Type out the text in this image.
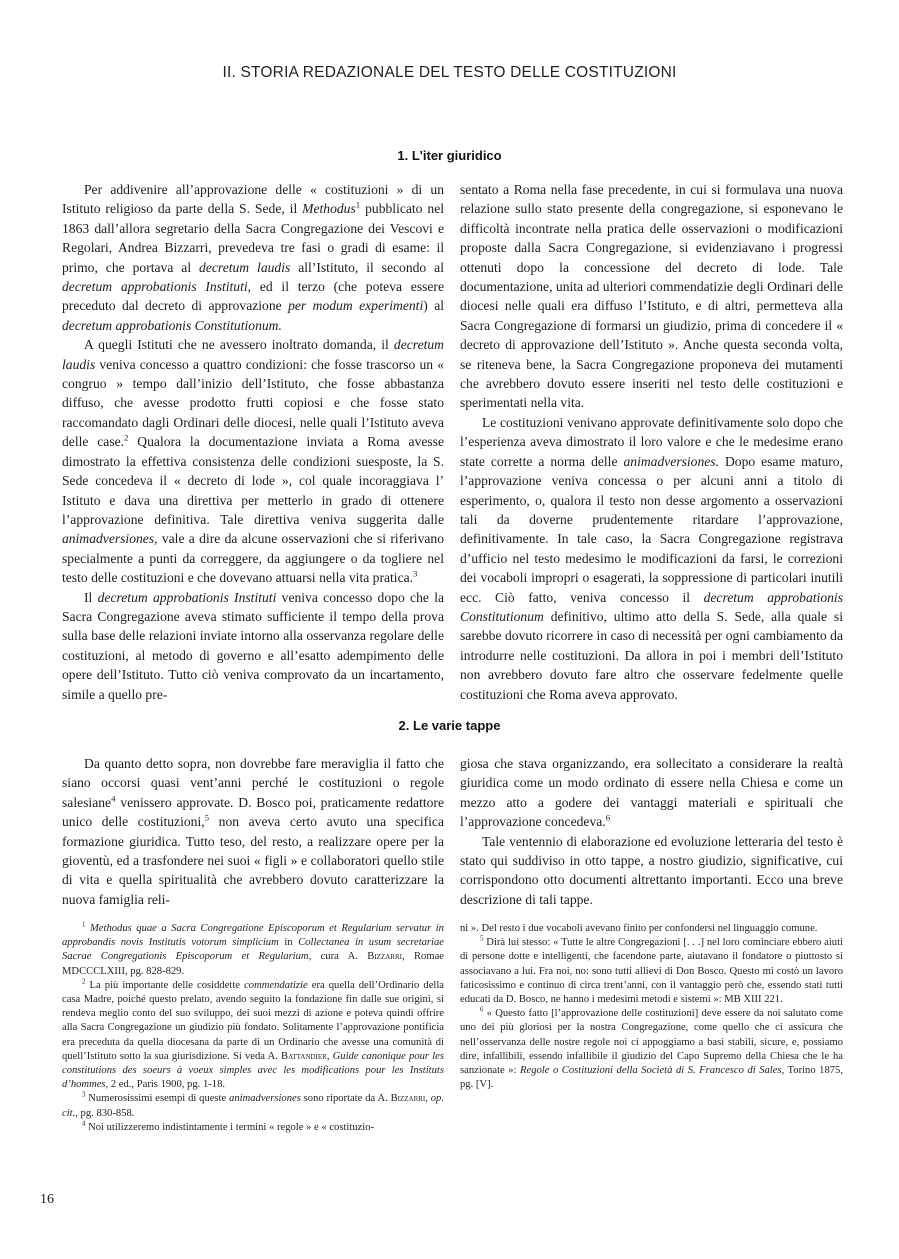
II. STORIA REDAZIONALE DEL TESTO DELLE COSTITUZIONI
1. L'iter giuridico

Per addivenire all’approvazione delle « costituzioni » di un Istituto religioso da parte della S. Sede, il Methodus$^1$ pubblicato nel 1863 dall’allora segretario della Sacra Congregazione dei Vescovi e Regolari, Andrea Bizzarri, prevedeva tre fasi o gradi di esame: il primo, che portava al decretum laudis all’Istituto, il secondo al decretum approbationis Instituti, ed il terzo (che poteva essere preceduto dal decreto di approvazione per modum experimenti) al decretum approbationis Constitutionum.

A quegli Istituti che ne avessero inoltrato domanda, il decretum laudis veniva concesso a quattro condizioni: che fosse trascorso un « congruo » tempo dall’inizio dell’Istituto, che fosse abbastanza diffuso, che avesse prodotto frutti copiosi e che fosse stato raccomandato dagli Ordinari delle diocesi, nelle quali l’Istituto aveva delle case.$^2$ Qualora la documentazione inviata a Roma avesse dimostrato la effettiva consistenza delle condizioni suesposte, la S. Sede concedeva il « decreto di lode », col quale incoraggiava l’ Istituto e dava una direttiva per metterlo in grado di ottenere l’approvazione definitiva. Tale direttiva veniva suggerita dalle animadversiones, vale a dire da alcune osservazioni che si riferivano specialmente a punti da correggere, da aggiungere o da togliere nel testo delle costituzioni e che dovevano attuarsi nella vita pratica.$^3$

Il decretum approbationis Instituti veniva concesso dopo che la Sacra Congregazione aveva stimato sufficiente il tempo della prova sulla base delle relazioni inviate intorno alla osservanza regolare delle costituzioni, al metodo di governo e all’esatto adempimento delle opere dell’Istituto. Tutto ciò veniva comprovato da un incartamento, simile a quello pre-

sentato a Roma nella fase precedente, in cui si formulava una nuova relazione sullo stato presente della congregazione, si esponevano le difficoltà incontrate nella pratica delle osservazioni o modificazioni proposte dalla Sacra Congregazione, si evidenziavano i progressi ottenuti dopo la concessione del decreto di lode. Tale documentazione, unita ad ulteriori commendatizie degli Ordinari delle diocesi nelle quali era diffuso l’Istituto, e di altri, permetteva alla Sacra Congregazione di formarsi un giudizio, prima di concedere il « decreto di approvazione dell’Istituto ». Anche questa seconda volta, se riteneva bene, la Sacra Congregazione proponeva dei mutamenti che avrebbero dovuto essere inseriti nel testo delle costituzioni e sperimentati nella vita.

Le costituzioni venivano approvate definitivamente solo dopo che l’esperienza aveva dimostrato il loro valore e che le medesime erano state corrette a norma delle animadversiones. Dopo esame maturo, l’approvazione veniva concessa o per alcuni anni a titolo di esperimento, o, qualora il testo non desse argomento a osservazioni tali da doverne prudentemente ritardare l’approvazione, definitivamente. In tale caso, la Sacra Congregazione registrava d’ufficio nel testo medesimo le modificazioni da farsi, le correzioni dei vocaboli impropri o esagerati, la soppressione di particolari inutili ecc. Ciò fatto, veniva concesso il decretum approbationis Constitutionum definitivo, ultimo atto della S. Sede, alla quale si sarebbe dovuto ricorrere in caso di necessità per ogni cambiamento da introdurre nelle costituzioni. Da allora in poi i membri dell’Istituto non avrebbero dovuto fare altro che osservare fedelmente quelle costituzioni che Roma aveva approvato.

2. Le varie tappe

Da quanto detto sopra, non dovrebbe fare meraviglia il fatto che siano occorsi quasi vent’anni perché le costituzioni o regole salesiane$^4$ venissero approvate. D. Bosco poi, praticamente redattore unico delle costituzioni,$^5$ non aveva certo avuto una specifica formazione giuridica. Tutto teso, del resto, a realizzare opere per la gioventù, ed a trasfondere nei suoi « figli » e collaboratori quello stile di vita e quella spiritualità che avrebbero dovuto caratterizzare la nuova famiglia reli-

giosa che stava organizzando, era sollecitato a considerare la realtà giuridica come un modo ordinato di essere nella Chiesa e come un mezzo atto a godere dei vantaggi materiali e spirituali che l’approvazione concedeva.$^6$

Tale ventennio di elaborazione ed evoluzione letteraria del testo è stato qui suddiviso in otto tappe, a nostro giudizio, significative, cui corrispondono otto documenti altrettanto importanti. Ecco una breve descrizione di tali tappe.

$^1$ Methodus quae a Sacra Congregatione Episcoporum et Regularium servatur in approbandis novis Institutis votorum simplicium in Collectanea in usum secretariae Sacrae Congregationis Episcoporum et Regularium, cura A. Bizzarri, Romae MDCCCLXIII, pg. 828-829.

$^2$ La più importante delle cosiddette commendatizie era quella dell’Ordinario della casa Madre, poiché questo prelato, avendo seguito la fondazione fin dalle sue origini, si rendeva meglio conto del suo sviluppo, dei suoi mezzi di azione e poteva quindi offrire alla Sacra Congregazione un giudizio più fondato. Solitamente l’approvazione pontificia era preceduta da quella diocesana da parte di un Ordinario che avesse una comunità di quell’Istituto sotto la sua giurisdizione. Si veda A. Battandier, Guide canonique pour les constitutions des soeurs à voeux simples avec les modifications pour les Instituts d’hommes, 2 ed., Paris 1900, pg. 1-18.

$^3$ Numerosissimi esempi di queste animadversiones sono riportate da A. Bizzarri, op. cit., pg. 830-858.

$^4$ Noi utilizzeremo indistintamente i termini « regole » e « costituzio-

ni ». Del resto i due vocaboli avevano finito per confondersi nel linguaggio comune.

$^5$ Dirà lui stesso: « Tutte le altre Congregazioni [. . .] nel loro cominciare ebbero aiuti di persone dotte e intelligenti, che facendone parte, aiutavano il fondatore o piuttosto si associavano a lui. Fra noi, no: sono tutti allievi di Don Bosco. Questo mi costò un lavoro faticosissimo e continuo di circa trent’anni, con il vantaggio però che, essendo stati tutti educati da D. Bosco, ne hanno i medesimi metodi e sistemi »: MB XIII 221.

$^6$ « Questo fatto [l’approvazione delle costituzioni] deve essere da noi salutato come uno dei più gloriosi per la nostra Congregazione, come quello che ci assicura che nell’osservanza delle nostre regole noi ci appoggiamo a basi stabili, sicure, e, possiamo dire, infallibili, essendo infallibile il giudizio del Capo Supremo della Chiesa che le ha sanzionate »: Regole o Costituzioni della Società di S. Francesco di Sales, Torino 1875, pg. [V].

16
